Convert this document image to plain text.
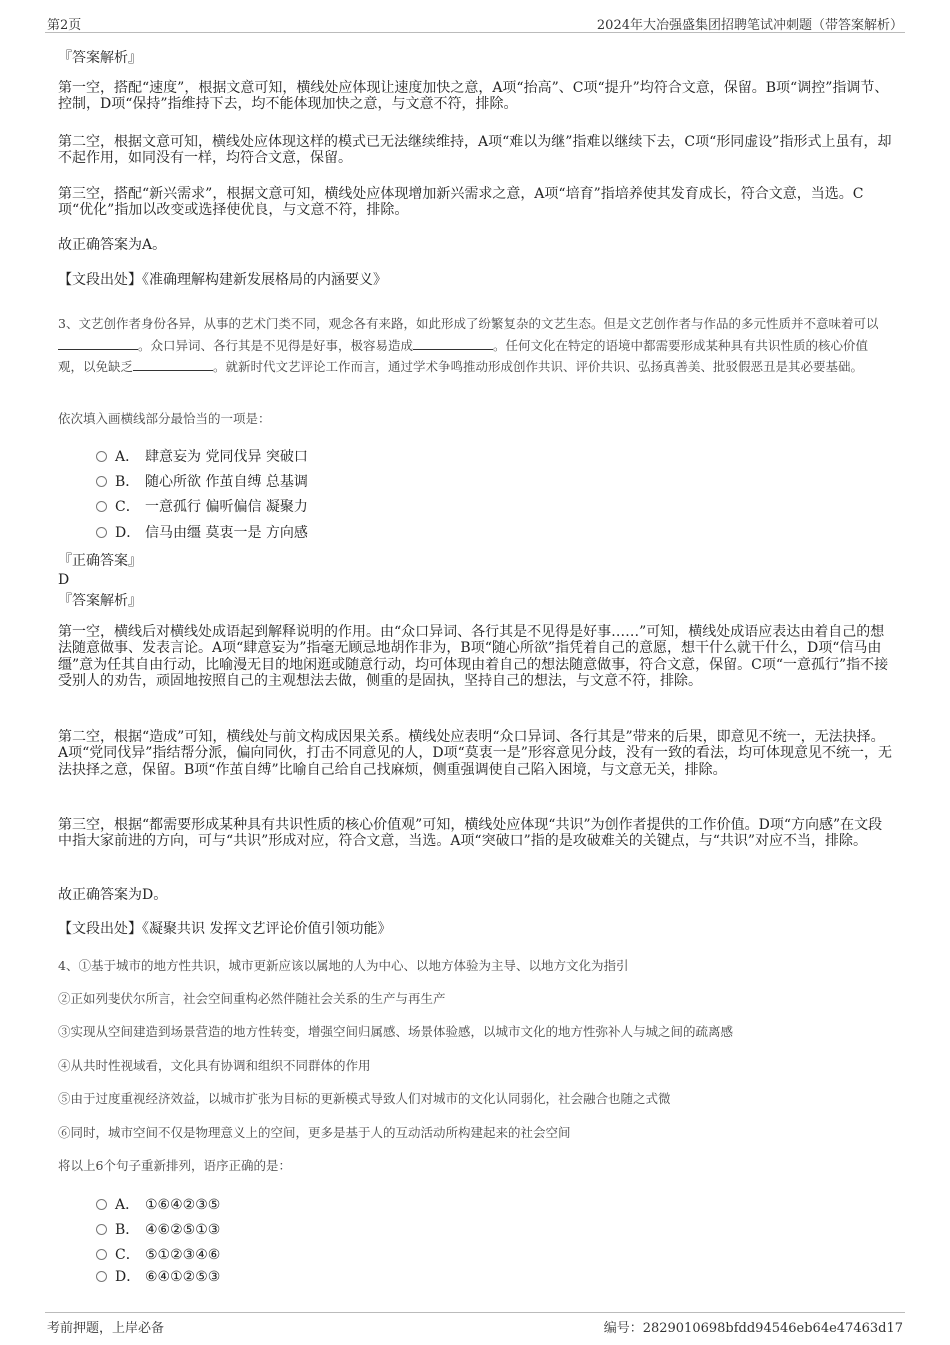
第2页	2024年大冶强盛集团招聘笔试冲刺题（带答案解析）
『答案解析』

第一空，搭配“速度”，根据文意可知，横线处应体现让速度加快之意，A项“抬高”、C项“提升”均符合文意，保留。B项“调控”指调节、控制，D项“保持”指维持下去，均不能体现加快之意，与文意不符，排除。

第二空，根据文意可知，横线处应体现这样的模式已无法继续维持，A项“难以为继”指难以继续下去，C项“形同虚设”指形式上虽有，却不起作用，如同没有一样，均符合文意，保留。

第三空，搭配“新兴需求”，根据文意可知，横线处应体现增加新兴需求之意，A项“培育”指培养使其发育成长，符合文意，当选。C项“优化”指加以改变或选择使优良，与文意不符，排除。

故正确答案为A。

【文段出处】《准确理解构建新发展格局的内涵要义》

3、文艺创作者身份各异，从事的艺术门类不同，观念各有来路，如此形成了纷繁复杂的文艺生态。但是文艺创作者与作品的多元性质并不意味着可以。众口异词、各行其是不见得是好事，极容易造成	。任何文化在特定的语境中都需要形成某种具有共识性质的核心价值观，以免缺乏	。就新时代文艺评论工作而言，通过学术争鸣推动形成创作共识、评价共识、弘扬真善美、批驳假恶丑是其必要基础。

依次填入画横线部分最恰当的一项是：

A． 肆意妄为 党同伐异 突破口
B． 随心所欲 作茧自缚 总基调
C． 一意孤行 偏听偏信 凝聚力
D． 信马由缰 莫衷一是 方向感
『正确答案』
D
『答案解析』

第一空，横线后对横线处成语起到解释说明的作用。由“众口异词、各行其是不见得是好事……”可知，横线处成语应表达由着自己的想法随意做事、发表言论。A项“肆意妄为”指毫无顾忌地胡作非为，B项“随心所欲”指凭着自己的意愿，想干什么就干什么，D项“信马由缰”意为任其自由行动，比喻漫无目的地闲逛或随意行动，均可体现由着自己的想法随意做事，符合文意，保留。C项“一意孤行”指不接受别人的劝告，顽固地按照自己的主观想法去做，侧重的是固执，坚持自己的想法，与文意不符，排除。

第二空，根据“造成”可知，横线处与前文构成因果关系。横线处应表明“众口异词、各行其是”带来的后果，即意见不统一，无法抉择。A项“党同伐异”指结帮分派，偏向同伙，打击不同意见的人，D项“莫衷一是”形容意见分歧，没有一致的看法，均可体现意见不统一，无法抉择之意，保留。B项“作茧自缚”比喻自己给自己找麻烦，侧重强调使自己陷入困境，与文意无关，排除。

第三空，根据“都需要形成某种具有共识性质的核心价值观”可知，横线处应体现“共识”为创作者提供的工作价值。D项“方向感”在文段中指大家前进的方向，可与“共识”形成对应，符合文意，当选。A项“突破口”指的是攻破难关的关键点，与“共识”对应不当，排除。

故正确答案为D。

【文段出处】《凝聚共识 发挥文艺评论价值引领功能》

4、①基于城市的地方性共识，城市更新应该以属地的人为中心、以地方体验为主导、以地方文化为指引

②正如列斐伏尔所言，社会空间重构必然伴随社会关系的生产与再生产

③实现从空间建造到场景营造的地方性转变，增强空间归属感、场景体验感，以城市文化的地方性弥补人与城之间的疏离感

④从共时性视域看，文化具有协调和组织不同群体的作用

⑤由于过度重视经济效益，以城市扩张为目标的更新模式导致人们对城市的文化认同弱化，社会融合也随之式微

⑥同时，城市空间不仅是物理意义上的空间，更多是基于人的互动活动所构建起来的社会空间

将以上6个句子重新排列，语序正确的是：

A． ①⑥④②③⑤
B． ④⑥②⑤①③
C． ⑤①②③④⑥
D． ⑥④①②⑤③
考前押题，上岸必备	编号：2829010698bfdd94546eb64e47463d17
